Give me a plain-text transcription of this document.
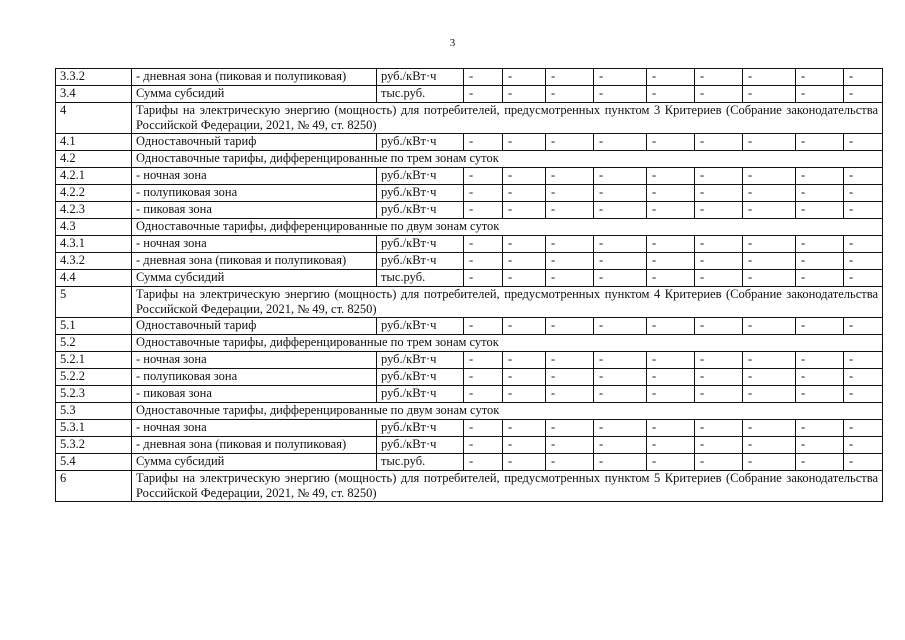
3
3.3.2	- дневная зона (пиковая и полупиковая)	руб./кВт·ч	-	-	-	-	-	-	-	-	-
3.4	Сумма субсидий	тыс.руб.	-	-	-	-	-	-	-	-	-
4	Тарифы на электрическую энергию (мощность) для потребителей, предусмотренных пунктом 3 Критериев (Собрание законодательства Российской Федерации, 2021, № 49, ст. 8250)										
4.1	Одноставочный тариф	руб./кВт·ч	-	-	-	-	-	-	-	-	-
4.2	Одноставочные тарифы, дифференцированные по трем зонам суток										
4.2.1	- ночная зона	руб./кВт·ч	-	-	-	-	-	-	-	-	-
4.2.2	- полупиковая зона	руб./кВт·ч	-	-	-	-	-	-	-	-	-
4.2.3	- пиковая зона	руб./кВт·ч	-	-	-	-	-	-	-	-	-
4.3	Одноставочные тарифы, дифференцированные по двум зонам суток										
4.3.1	- ночная зона	руб./кВт·ч	-	-	-	-	-	-	-	-	-
4.3.2	- дневная зона (пиковая и полупиковая)	руб./кВт·ч	-	-	-	-	-	-	-	-	-
4.4	Сумма субсидий	тыс.руб.	-	-	-	-	-	-	-	-	-
5	Тарифы на электрическую энергию (мощность) для потребителей, предусмотренных пунктом 4 Критериев (Собрание законодательства Российской Федерации, 2021, № 49, ст. 8250)										
5.1	Одноставочный тариф	руб./кВт·ч	-	-	-	-	-	-	-	-	-
5.2	Одноставочные тарифы, дифференцированные по трем зонам суток										
5.2.1	- ночная зона	руб./кВт·ч	-	-	-	-	-	-	-	-	-
5.2.2	- полупиковая зона	руб./кВт·ч	-	-	-	-	-	-	-	-	-
5.2.3	- пиковая зона	руб./кВт·ч	-	-	-	-	-	-	-	-	-
5.3	Одноставочные тарифы, дифференцированные по двум зонам суток										
5.3.1	- ночная зона	руб./кВт·ч	-	-	-	-	-	-	-	-	-
5.3.2	- дневная зона (пиковая и полупиковая)	руб./кВт·ч	-	-	-	-	-	-	-	-	-
5.4	Сумма субсидий	тыс.руб.	-	-	-	-	-	-	-	-	-
6	Тарифы на электрическую энергию (мощность) для потребителей, предусмотренных пунктом 5 Критериев (Собрание законодательства Российской Федерации, 2021, № 49, ст. 8250)										
